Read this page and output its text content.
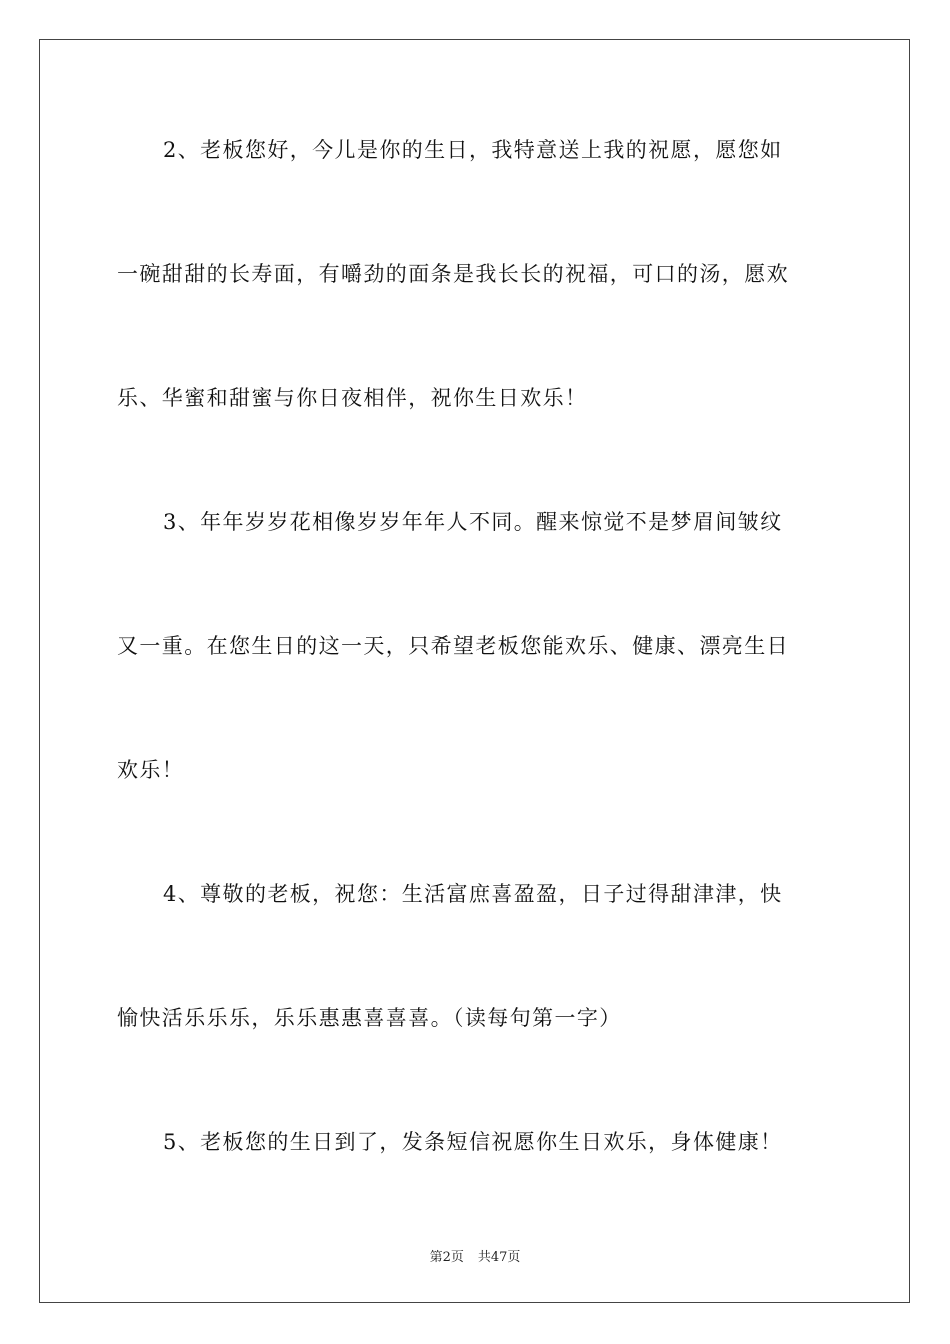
2、老板您好，今儿是你的生日，我特意送上我的祝愿，愿您如
一碗甜甜的长寿面，有嚼劲的面条是我长长的祝福，可口的汤，愿欢
乐、华蜜和甜蜜与你日夜相伴，祝你生日欢乐！
3、年年岁岁花相像岁岁年年人不同。醒来惊觉不是梦眉间皱纹
又一重。在您生日的这一天，只希望老板您能欢乐、健康、漂亮生日
欢乐！
4、尊敬的老板，祝您：生活富庶喜盈盈，日子过得甜津津，快
愉快活乐乐乐，乐乐惠惠喜喜喜。（读每句第一字）
5、老板您的生日到了，发条短信祝愿你生日欢乐，身体健康！
第2页 共47页
